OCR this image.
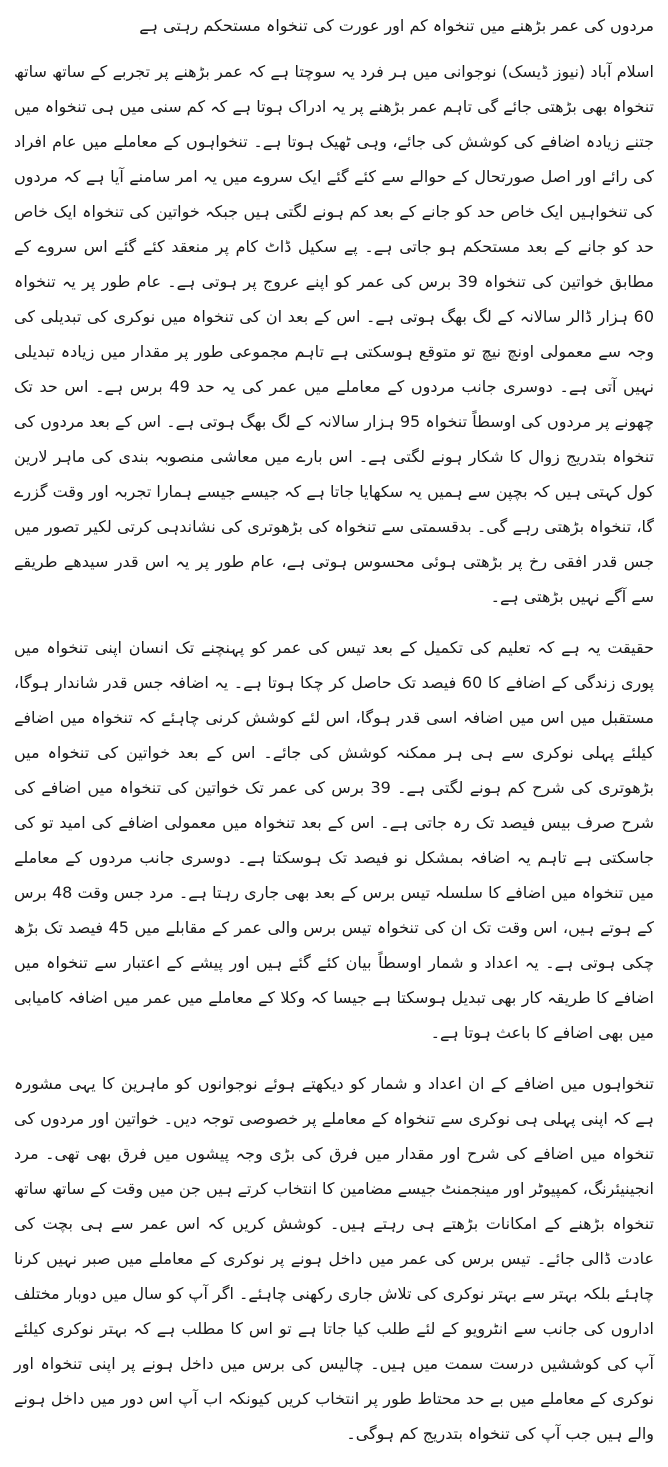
مردوں کی عمر بڑھنے میں تنخواہ کم اور عورت کی تنخواہ مستحکم رہتی ہے

اسلام آباد (نیوز ڈیسک) نوجوانی میں ہر فرد یہ سوچتا ہے کہ عمر بڑھنے پر تجربے کے ساتھ ساتھ تنخواہ بھی بڑھتی جائے گی تاہم عمر بڑھنے پر یہ ادراک ہوتا ہے کہ کم سنی میں ہی تنخواہ میں جتنے زیادہ اضافے کی کوشش کی جائے، وہی ٹھیک ہوتا ہے۔ تنخواہوں کے معاملے میں عام افراد کی رائے اور اصل صورتحال کے حوالے سے کئے گئے ایک سروے میں یہ امر سامنے آیا ہے کہ مردوں کی تنخواہیں ایک خاص حد کو جانے کے بعد کم ہونے لگتی ہیں جبکہ خواتین کی تنخواہ ایک خاص حد کو جانے کے بعد مستحکم ہو جاتی ہے۔ پے سکیل ڈاٹ کام پر منعقد کئے گئے اس سروے کے مطابق خواتین کی تنخواہ 39 برس کی عمر کو اپنے عروج پر ہوتی ہے۔ عام طور پر یہ تنخواہ 60 ہزار ڈالر سالانہ کے لگ بھگ ہوتی ہے۔ اس کے بعد ان کی تنخواہ میں نوکری کی تبدیلی کی وجہ سے معمولی اونچ نیچ تو متوقع ہوسکتی ہے تاہم مجموعی طور پر مقدار میں زیادہ تبدیلی نہیں آتی ہے۔ دوسری جانب مردوں کے معاملے میں عمر کی یہ حد 49 برس ہے۔ اس حد تک چھونے پر مردوں کی اوسطاً تنخواہ 95 ہزار سالانہ کے لگ بھگ ہوتی ہے۔ اس کے بعد مردوں کی تنخواہ بتدریج زوال کا شکار ہونے لگتی ہے۔ اس بارے میں معاشی منصوبہ بندی کی ماہر لارین کول کہتی ہیں کہ بچپن سے ہمیں یہ سکھایا جاتا ہے کہ جیسے جیسے ہمارا تجربہ اور وقت گزرے گا، تنخواہ بڑھتی رہے گی۔ بدقسمتی سے تنخواہ کی بڑھوتری کی نشاندہی کرتی لکیر تصور میں جس قدر افقی رخ پر بڑھتی ہوئی محسوس ہوتی ہے، عام طور پر یہ اس قدر سیدھے طریقے سے آگے نہیں بڑھتی ہے۔

حقیقت یہ ہے کہ تعلیم کی تکمیل کے بعد تیس کی عمر کو پہنچنے تک انسان اپنی تنخواہ میں پوری زندگی کے اضافے کا 60 فیصد تک حاصل کر چکا ہوتا ہے۔ یہ اضافہ جس قدر شاندار ہوگا، مستقبل میں اس میں اضافہ اسی قدر ہوگا، اس لئے کوشش کرنی چاہئے کہ تنخواہ میں اضافے کیلئے پہلی نوکری سے ہی ہر ممکنہ کوشش کی جائے۔ اس کے بعد خواتین کی تنخواہ میں بڑھوتری کی شرح کم ہونے لگتی ہے۔ 39 برس کی عمر تک خواتین کی تنخواہ میں اضافے کی شرح صرف بیس فیصد تک رہ جاتی ہے۔ اس کے بعد تنخواہ میں معمولی اضافے کی امید تو کی جاسکتی ہے تاہم یہ اضافہ بمشکل نو فیصد تک ہوسکتا ہے۔ دوسری جانب مردوں کے معاملے میں تنخواہ میں اضافے کا سلسلہ تیس برس کے بعد بھی جاری رہتا ہے۔ مرد جس وقت 48 برس کے ہوتے ہیں، اس وقت تک ان کی تنخواہ تیس برس والی عمر کے مقابلے میں 45 فیصد تک بڑھ چکی ہوتی ہے۔ یہ اعداد و شمار اوسطاً بیان کئے گئے ہیں اور پیشے کے اعتبار سے تنخواہ میں اضافے کا طریقہ کار بھی تبدیل ہوسکتا ہے جیسا کہ وکلا کے معاملے میں عمر میں اضافہ کامیابی میں بھی اضافے کا باعث ہوتا ہے۔

تنخواہوں میں اضافے کے ان اعداد و شمار کو دیکھتے ہوئے نوجوانوں کو ماہرین کا یہی مشورہ ہے کہ اپنی پہلی ہی نوکری سے تنخواہ کے معاملے پر خصوصی توجہ دیں۔ خواتین اور مردوں کی تنخواہ میں اضافے کی شرح اور مقدار میں فرق کی بڑی وجہ پیشوں میں فرق بھی تھی۔ مرد انجینیئرنگ، کمپیوٹر اور مینجمنٹ جیسے مضامین کا انتخاب کرتے ہیں جن میں وقت کے ساتھ ساتھ تنخواہ بڑھنے کے امکانات بڑھتے ہی رہتے ہیں۔ کوشش کریں کہ اس عمر سے ہی بچت کی عادت ڈالی جائے۔ تیس برس کی عمر میں داخل ہونے پر نوکری کے معاملے میں صبر نہیں کرنا چاہئے بلکہ بہتر سے بہتر نوکری کی تلاش جاری رکھنی چاہئے۔ اگر آپ کو سال میں دوبار مختلف اداروں کی جانب سے انٹرویو کے لئے طلب کیا جاتا ہے تو اس کا مطلب ہے کہ بہتر نوکری کیلئے آپ کی کوششیں درست سمت میں ہیں۔ چالیس کی برس میں داخل ہونے پر اپنی تنخواہ اور نوکری کے معاملے میں بے حد محتاط طور پر انتخاب کریں کیونکہ اب آپ اس دور میں داخل ہونے والے ہیں جب آپ کی تنخواہ بتدریج کم ہوگی۔
